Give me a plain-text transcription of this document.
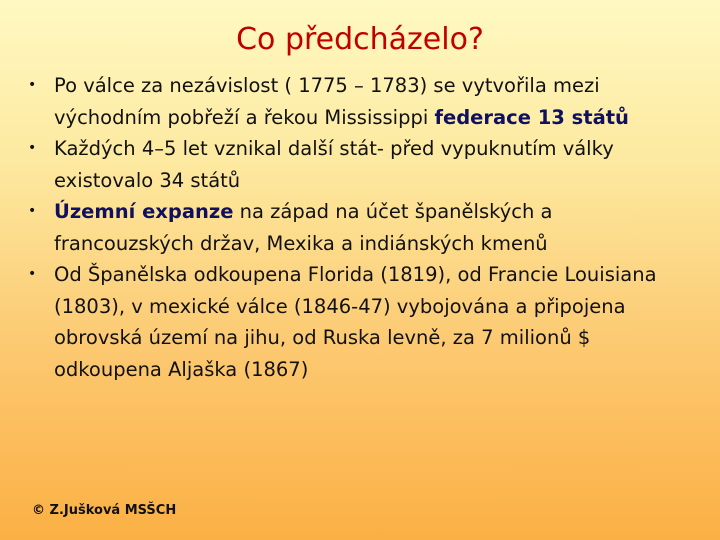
Co předcházelo?
• Po válce za nezávislost ( 1775 – 1783) se vytvořila mezi východním pobřeží a řekou Mississippi federace 13 států
• Každých 4–5 let vznikal další stát- před vypuknutím války existovalo 34 států
• Územní expanze na západ na účet španělských a francouzských držav, Mexika a indiánských kmenů
• Od Španělska odkoupena Florida (1819), od Francie Louisiana (1803), v mexické válce (1846-47) vybojována a připojena obrovská území na jihu, od Ruska levně, za 7 milionů $ odkoupena Aljaška (1867)
© Z.Jušková MSŠCH
